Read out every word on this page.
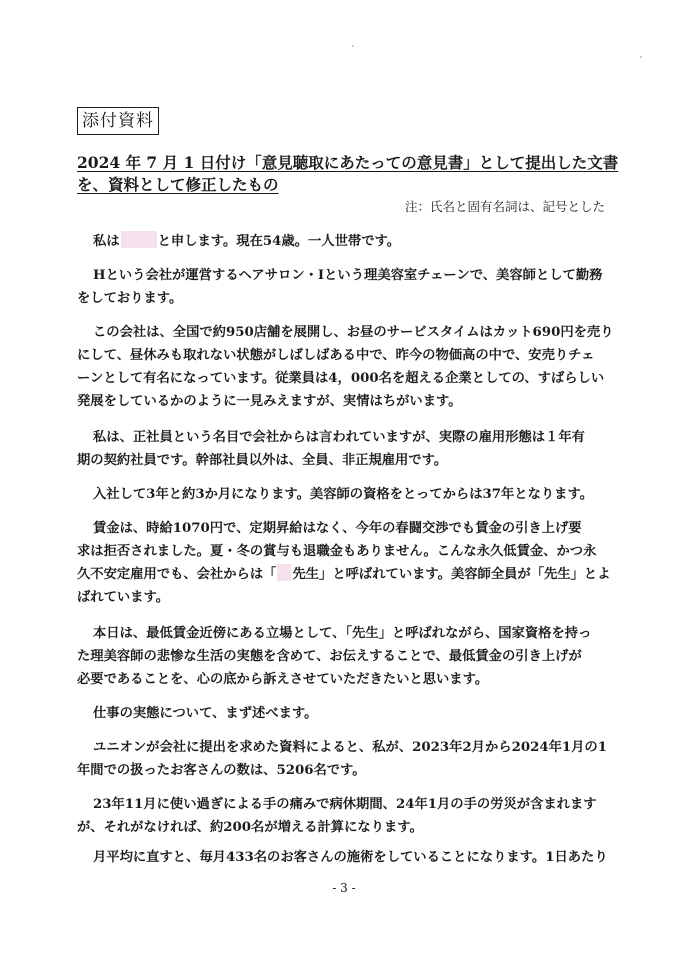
添付資料
2024 年 7 月 1 日付け「意見聴取にあたっての意見書」として提出した文書
を、資料として修正したもの
注：氏名と固有名詞は、記号とした
私は	と申します。現在54歳。一人世帯です。
Hという会社が運営するヘアサロン・Iという理美容室チェーンで、美容師として勤務
をしております。
この会社は、全国で約950店舗を展開し、お昼のサービスタイムはカット690円を売り
にして、昼休みも取れない状態がしばしばある中で、昨今の物価高の中で、安売りチェ
ーンとして有名になっています。従業員は4，000名を超える企業としての、すばらしい
発展をしているかのように一見みえますが、実情はちがいます。
私は、正社員という名目で会社からは言われていますが、実際の雇用形態は１年有
期の契約社員です。幹部社員以外は、全員、非正規雇用です。
入社して3年と約3か月になります。美容師の資格をとってからは37年となります。
賃金は、時給1070円で、定期昇給はなく、今年の春闘交渉でも賃金の引き上げ要
求は拒否されました。夏・冬の賞与も退職金もありません。こんな永久低賃金、かつ永
久不安定雇用でも、会社からは「 先生」と呼ばれています。美容師全員が「先生」とよ
ばれています。
本日は、最低賃金近傍にある立場として、「先生」と呼ばれながら、国家資格を持っ
た理美容師の悲惨な生活の実態を含めて、お伝えすることで、最低賃金の引き上げが
必要であることを、心の底から訴えさせていただきたいと思います。
仕事の実態について、まず述べます。
ユニオンが会社に提出を求めた資料によると、私が、2023年2月から2024年1月の1
年間での扱ったお客さんの数は、5206名です。
23年11月に使い過ぎによる手の痛みで病休期間、24年1月の手の労災が含まれます
が、それがなければ、約200名が増える計算になります。
月平均に直すと、毎月433名のお客さんの施術をしていることになります。1日あたり
- 3 -
